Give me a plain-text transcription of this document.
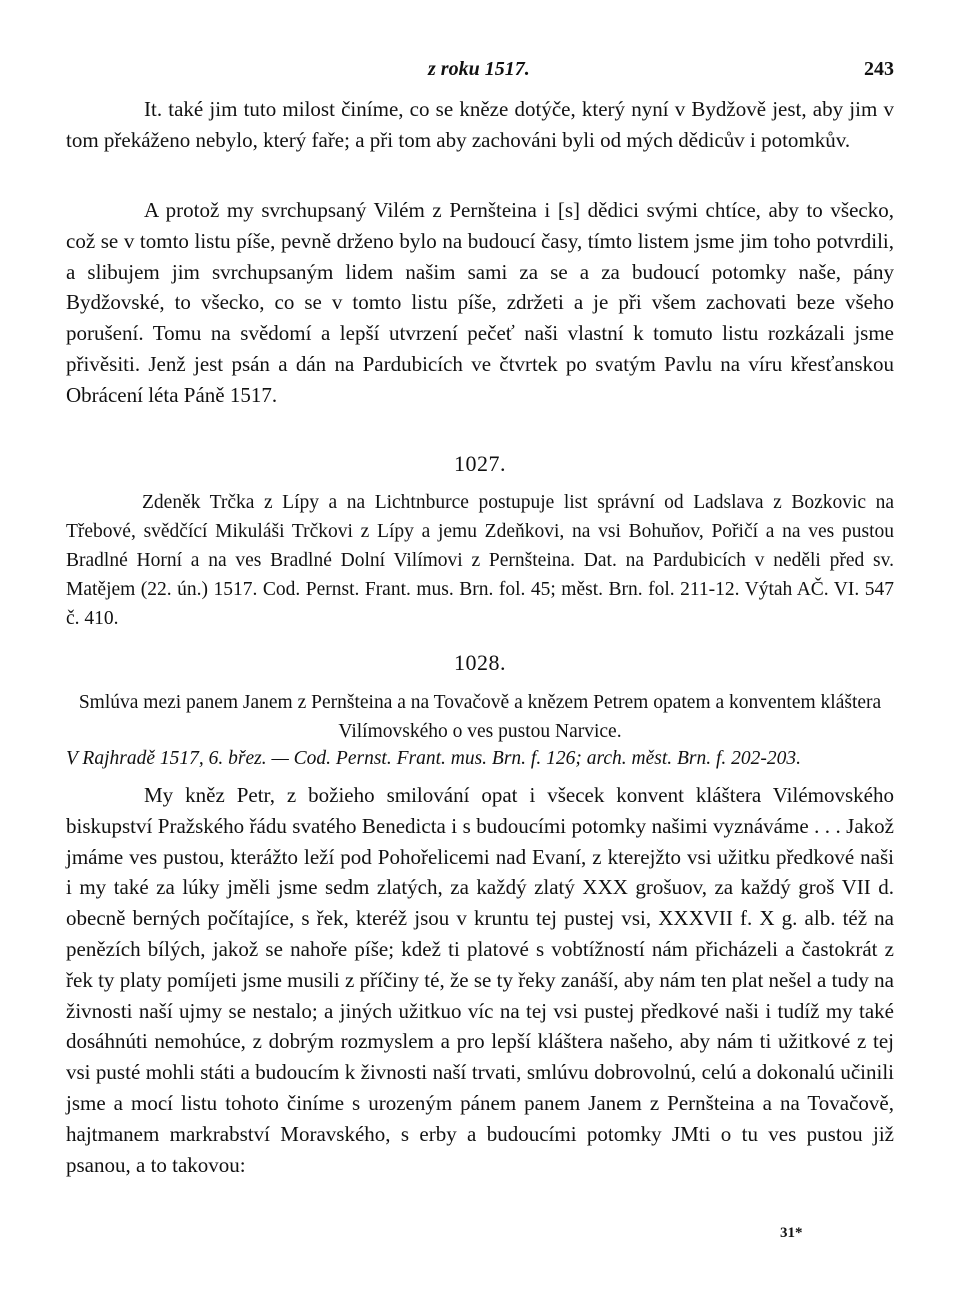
z roku 1517.	243

It. také jim tuto milost činíme, co se kněze dotýče, který nyní v Bydžově jest, aby jim v tom překáženo nebylo, který faře; a při tom aby zachováni byli od mých dědicův i potomkův.

A protož my svrchupsaný Vilém z Pernšteina i [s] dědici svými chtíce, aby to všecko, což se v tomto listu píše, pevně drženo bylo na budoucí časy, tímto listem jsme jim toho potvrdili, a slibujem jim svrchupsaným lidem našim sami za se a za budoucí potomky naše, pány Bydžovské, to všecko, co se v tomto listu píše, zdržeti a je při všem zachovati beze všeho porušení. Tomu na svědomí a lepší utvrzení pečeť naši vlastní k tomuto listu rozkázali jsme přivěsiti. Jenž jest psán a dán na Pardubicích ve čtvrtek po svatým Pavlu na víru křesťanskou Obrácení léta Páně 1517.

1027.

Zdeněk Trčka z Lípy a na Lichtnburce postupuje list správní od Ladslava z Bozkovic na Třebové, svědčící Mikuláši Trčkovi z Lípy a jemu Zdeňkovi, na vsi Bohuňov, Pořičí a na ves pustou Bradlné Horní a na ves Bradlné Dolní Vilímovi z Pernšteina. Dat. na Pardubicích v neděli před sv. Matějem (22. ún.) 1517. Cod. Pernst. Frant. mus. Brn. fol. 45; měst. Brn. fol. 211-12. Výtah AČ. VI. 547 č. 410.

1028.

Smlúva mezi panem Janem z Pernšteina a na Tovačově a knězem Petrem opatem a konventem kláštera Vilímovského o ves pustou Narvice.

V Rajhradě 1517, 6. břez. — Cod. Pernst. Frant. mus. Brn. f. 126; arch. měst. Brn. f. 202-203.

My kněz Petr, z božieho smilování opat i všecek konvent kláštera Vilémovského biskupství Pražského řádu svatého Benedicta i s budoucími potomky našimi vyznáváme . . . Jakož jmáme ves pustou, kterážto leží pod Pohořelicemi nad Evaní, z kterejžto vsi užitku předkové naši i my také za lúky jměli jsme sedm zlatých, za každý zlatý XXX grošuov, za každý groš VII d. obecně berných počítajíce, s řek, kteréž jsou v kruntu tej pustej vsi, XXXVII f. X g. alb. též na penězích bílých, jakož se nahoře píše; kdež ti platové s vobtížností nám přicházeli a častokrát z řek ty platy pomíjeti jsme musili z příčiny té, že se ty řeky zanáší, aby nám ten plat nešel a tudy na živnosti naší ujmy se nestalo; a jiných užitkuo víc na tej vsi pustej předkové naši i tudíž my také dosáhnúti nemohúce, z dobrým rozmyslem a pro lepší kláštera našeho, aby nám ti užitkové z tej vsi pusté mohli státi a budoucím k živnosti naší trvati, smlúvu dobrovolnú, celú a dokonalú učinili jsme a mocí listu tohoto činíme s urozeným pánem panem Janem z Pernšteina a na Tovačově, hajtmanem markrabství Moravského, s erby a budoucími potomky JMti o tu ves pustou již psanou, a to takovou:

31*
